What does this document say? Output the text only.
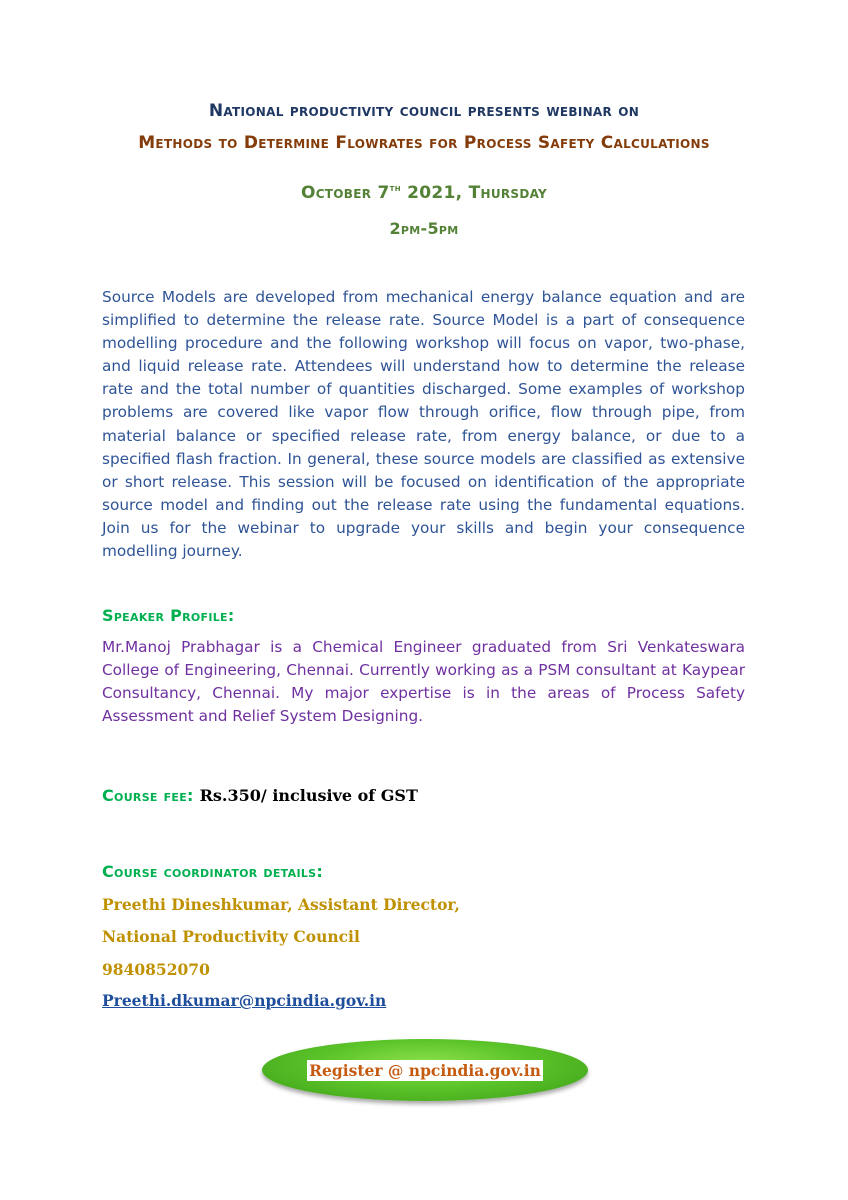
National productivity council presents webinar on
Methods to Determine Flowrates for Process Safety Calculations
October 7th 2021, Thursday
2pm-5pm
Source Models are developed from mechanical energy balance equation and are simplified to determine the release rate. Source Model is a part of consequence modelling procedure and the following workshop will focus on vapor, two-phase, and liquid release rate. Attendees will understand how to determine the release rate and the total number of quantities discharged. Some examples of workshop problems are covered like vapor flow through orifice, flow through pipe, from material balance or specified release rate, from energy balance, or due to a specified flash fraction. In general, these source models are classified as extensive or short release. This session will be focused on identification of the appropriate source model and finding out the release rate using the fundamental equations. Join us for the webinar to upgrade your skills and begin your consequence modelling journey.
Speaker Profile:
Mr.Manoj Prabhagar is a Chemical Engineer graduated from Sri Venkateswara College of Engineering, Chennai. Currently working as a PSM consultant at Kaypear Consultancy, Chennai. My major expertise is in the areas of Process Safety Assessment and Relief System Designing.
Course fee: Rs.350/ inclusive of GST
Course coordinator details:
Preethi Dineshkumar, Assistant Director,
National Productivity Council
9840852070
Preethi.dkumar@npcindia.gov.in
Register @ npcindia.gov.in
